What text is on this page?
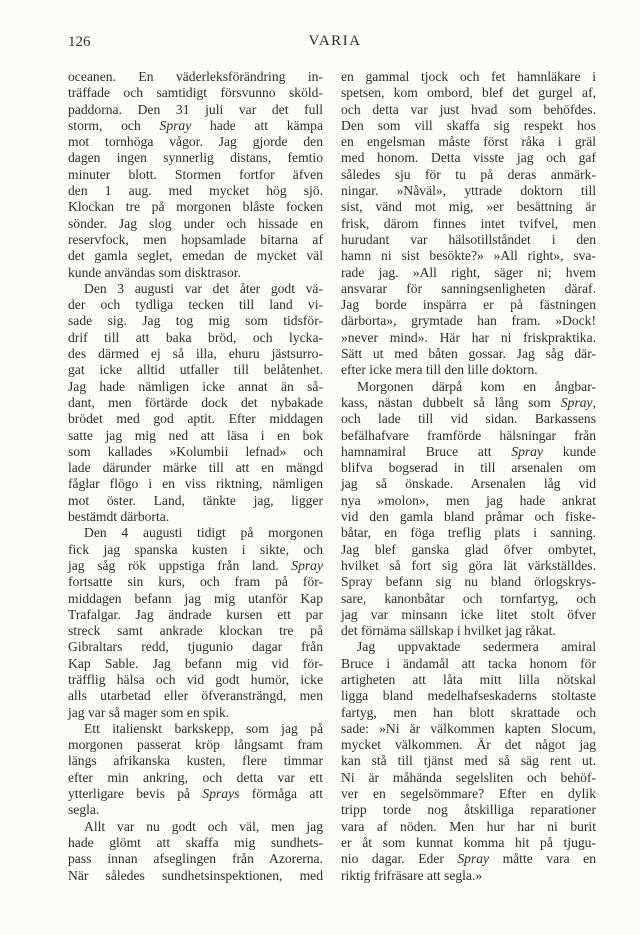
126	VARIA
oceanen. En väderleksförändring in-
träffade och samtidigt försvunno sköld-
paddorna. Den 31 juli var det full
storm, och Spray hade att kämpa
mot tornhöga vågor. Jag gjorde den
dagen ingen synnerlig distans, femtio
minuter blott. Stormen fortfor äfven
den 1 aug. med mycket hög sjö.
Klockan tre på morgonen blåste focken
sönder. Jag slog under och hissade en
reservfock, men hopsamlade bitarna af
det gamla seglet, emedan de mycket väl
kunde användas som disktrasor.
Den 3 augusti var det åter godt vä-
der och tydliga tecken till land vi-
sade sig. Jag tog mig som tidsför-
drif till att baka bröd, och lycka-
des därmed ej så illa, ehuru jästsurro-
gat icke alltid utfaller till belåtenhet.
Jag hade nämligen icke annat än så-
dant, men förtärde dock det nybakade
brödet med god aptit. Efter middagen
satte jag mig ned att läsa i en bok
som kallades »Kolumbii lefnad» och
lade därunder märke till att en mängd
fåglar flögo i en viss riktning, nämligen
mot öster. Land, tänkte jag, ligger
bestämdt därborta.
Den 4 augusti tidigt på morgonen
fick jag spanska kusten i sikte, och
jag såg rök uppstiga från land. Spray
fortsatte sin kurs, och fram på för-
middagen befann jag mig utanför Kap
Trafalgar. Jag ändrade kursen ett par
streck samt ankrade klockan tre på
Gibraltars redd, tjugunio dagar från
Kap Sable. Jag befann mig vid för-
träfflig hälsa och vid godt humör, icke
alls utarbetad eller öfveransträngd, men
jag var så mager som en spik.
Ett italienskt barkskepp, som jag på
morgonen passerat kröp långsamt fram
längs afrikanska kusten, flere timmar
efter min ankring, och detta var ett
ytterligare bevis på Sprays förmåga att
segla.
Allt var nu godt och väl, men jag
hade glömt att skaffa mig sundhets-
pass innan afseglingen från Azorerna.
När således sundhetsinspektionen, med
en gammal tjock och fet hamnläkare i
spetsen, kom ombord, blef det gurgel af,
och detta var just hvad som behöfdes.
Den som vill skaffa sig respekt hos
en engelsman måste först råka i gräl
med honom. Detta visste jag och gaf
således sju för tu på deras anmärk-
ningar. »Nåväl», yttrade doktorn till
sist, vänd mot mig, »er besättning är
frisk, därom finnes intet tvifvel, men
hurudant var hälsotillståndet i den
hamn ni sist besökte?» »All right», sva-
rade jag. »All right, säger ni; hvem
ansvarar för sanningsenligheten däraf.
Jag borde inspärra er på fästningen
därborta», grymtade han fram. »Dock!
»never mind». Här har ni friskpraktika.
Sätt ut med båten gossar. Jag såg där-
efter icke mera till den lille doktorn.
Morgonen därpå kom en ångbar-
kass, nästan dubbelt så lång som Spray,
och lade till vid sidan. Barkassens
befälhafvare framförde hälsningar från
hamnamiral Bruce att Spray kunde
blifva bogserad in till arsenalen om
jag så önskade. Arsenalen låg vid
nya »molon», men jag hade ankrat
vid den gamla bland pråmar och fiske-
båtar, en föga treflig plats i sanning.
Jag blef ganska glad öfver ombytet,
hvilket så fort sig göra lät värkställdes.
Spray befann sig nu bland örlogskrys-
sare, kanonbåtar och tornfartyg, och
jag var minsann icke litet stolt öfver
det förnäma sällskap i hvilket jag råkat.
Jag uppvaktade sedermera amiral
Bruce i ändamål att tacka honom för
artigheten att låta mitt lilla nötskal
ligga bland medelhafseskaderns stoltaste
fartyg, men han blott skrattade och
sade: »Ni är välkommen kapten Slocum,
mycket välkommen. Är det något jag
kan stå till tjänst med så säg rent ut.
Ni är måhända segelsliten och behöf-
ver en segelsömmare? Efter en dylik
tripp torde nog åtskilliga reparationer
vara af nöden. Men hur har ni burit
er åt som kunnat komma hit på tjugu-
nio dagar. Eder Spray måtte vara en
riktig frifräsare att segla.»
